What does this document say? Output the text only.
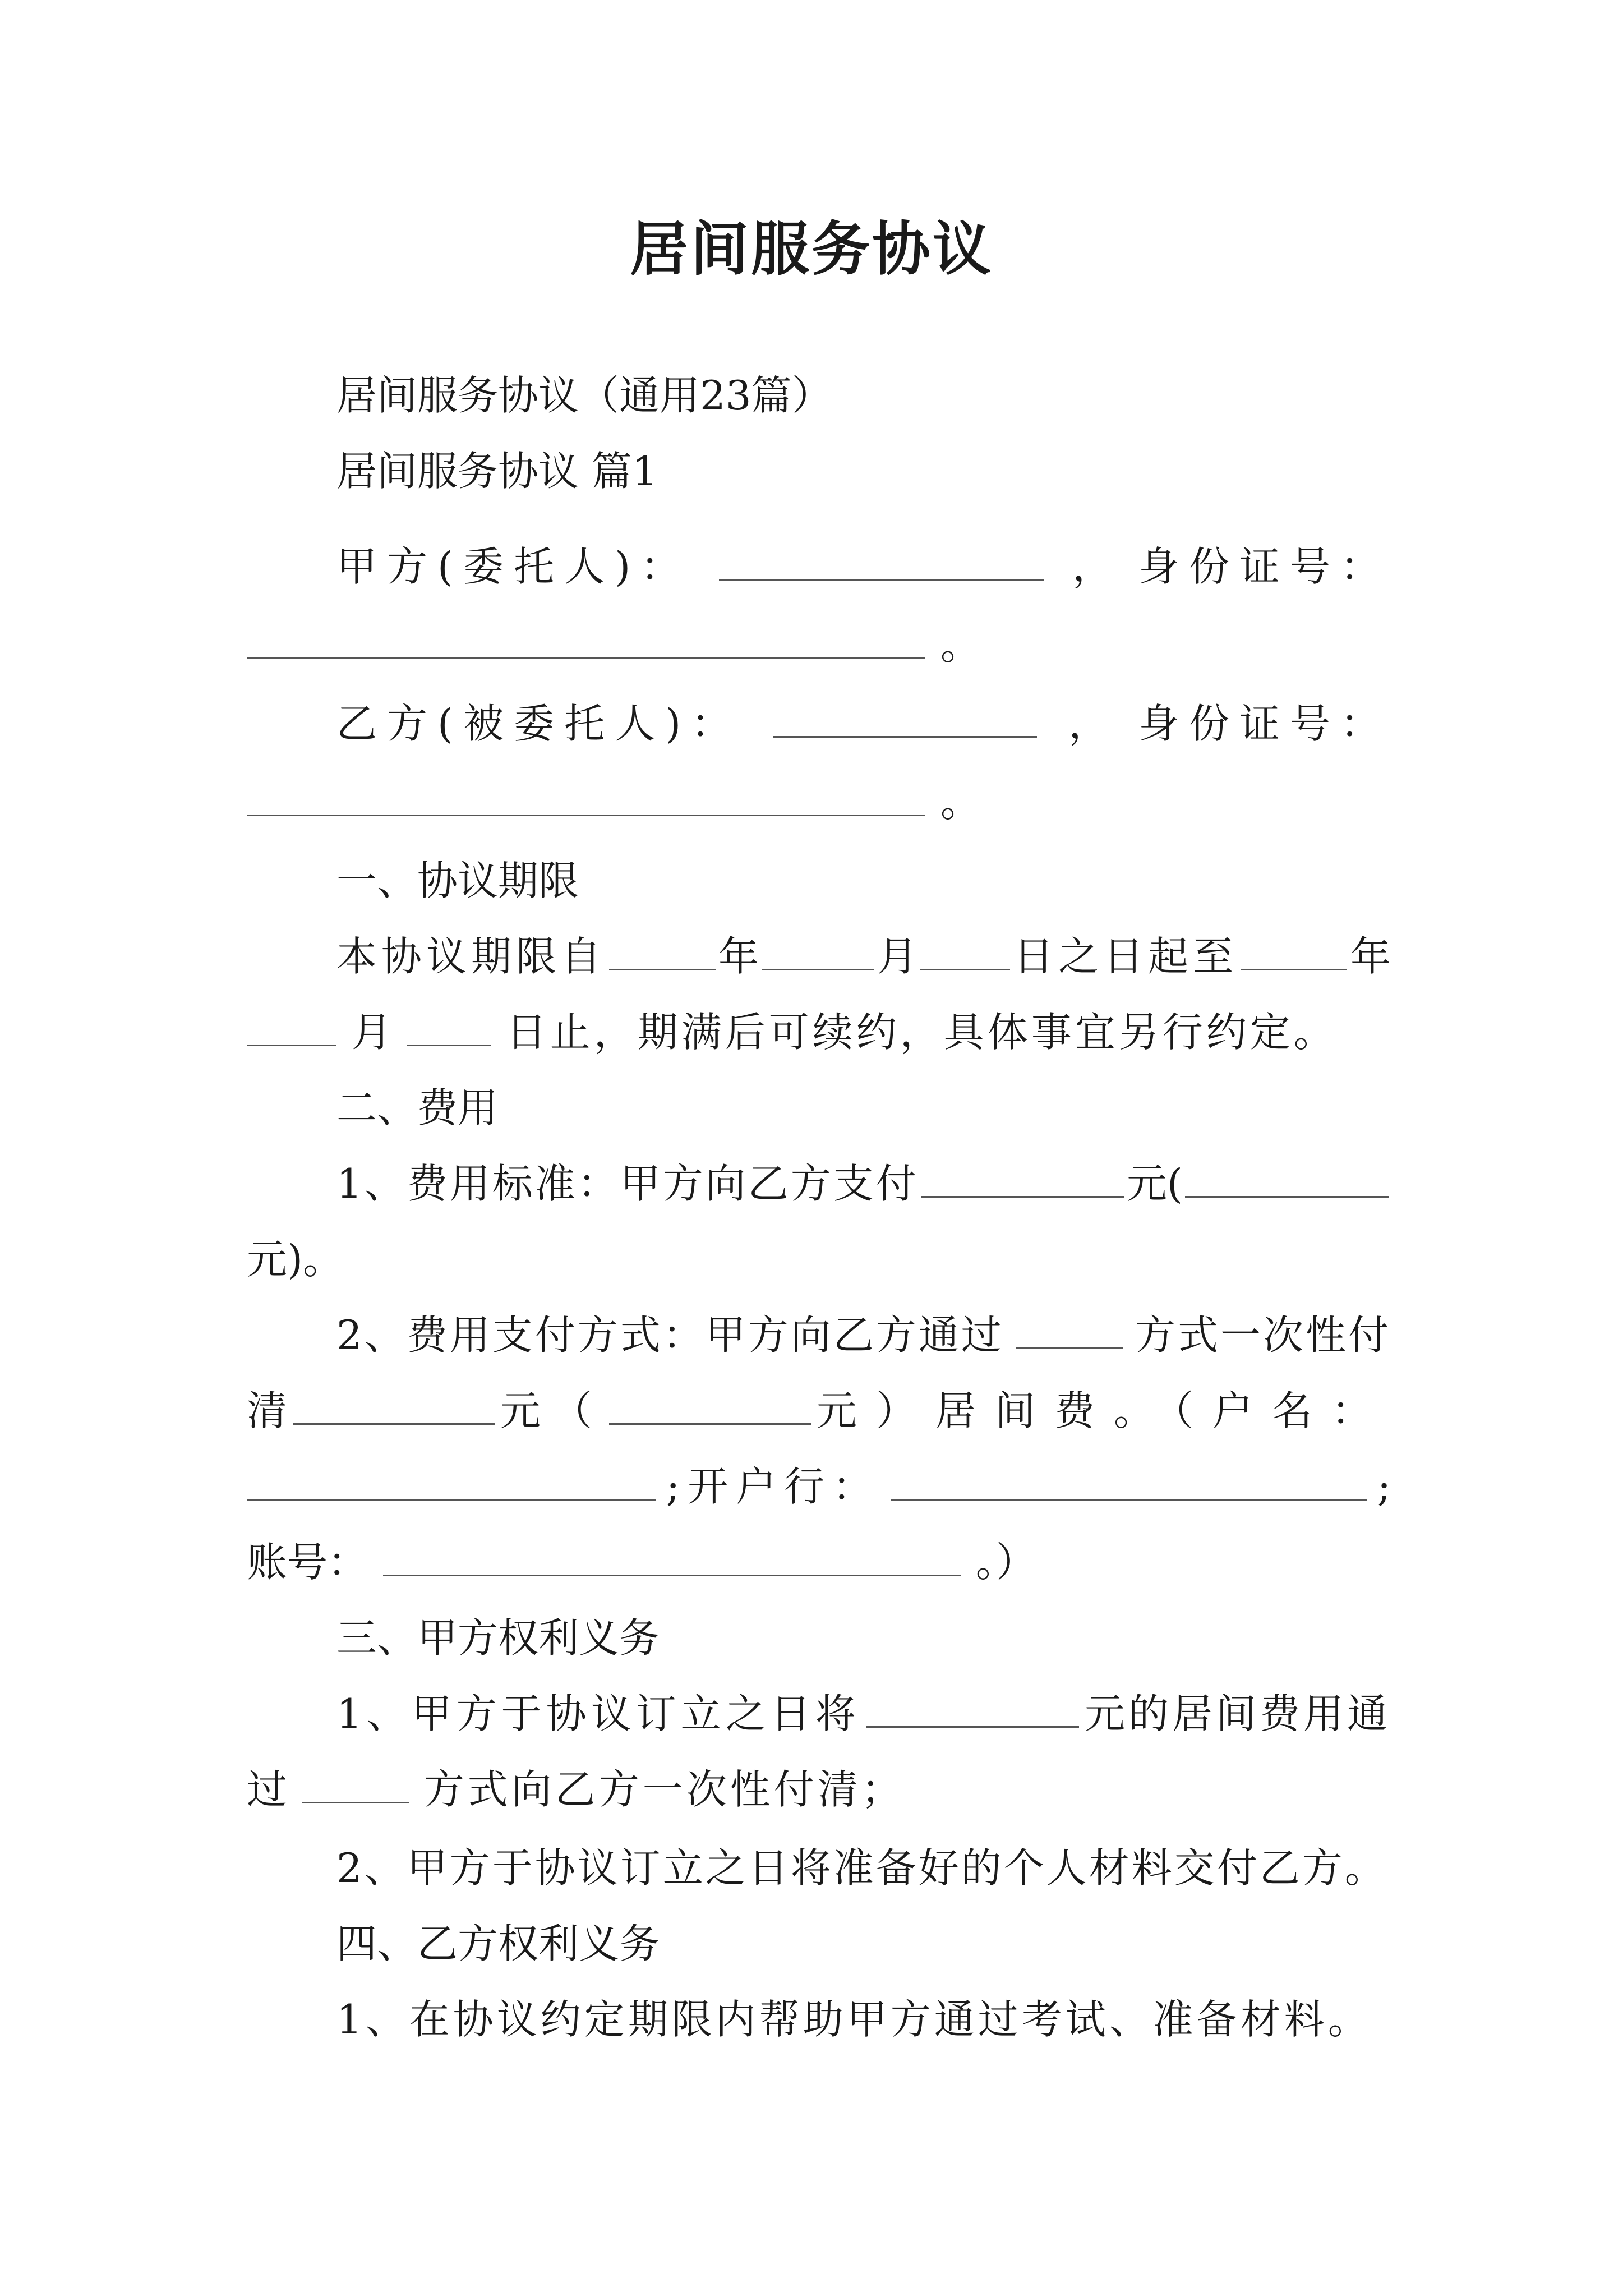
居间服务协议
居间服务协议（通用23篇）
居间服务协议 篇1
甲方(委托人)：	， 身份证号：
。
乙方(被委托人)：	， 身份证号：
。
一、协议期限
本协议期限自	年	月 日之日起至	年
月	日止，期满后可续约，具体事宜另行约定。
二、费用
1、费用标准：甲方向乙方支付	元(
元)。
2、费用支付方式：甲方向乙方通过	方式一次性付
清	元（	元）居间费。（户名：
;开户行：	;
账号：	。）
三、甲方权利义务
1、甲方于协议订立之日将	元的居间费用通
过	方式向乙方一次性付清；
2、甲方于协议订立之日将准备好的个人材料交付乙方。
四、乙方权利义务
1、在协议约定期限内帮助甲方通过考试、准备材料。
